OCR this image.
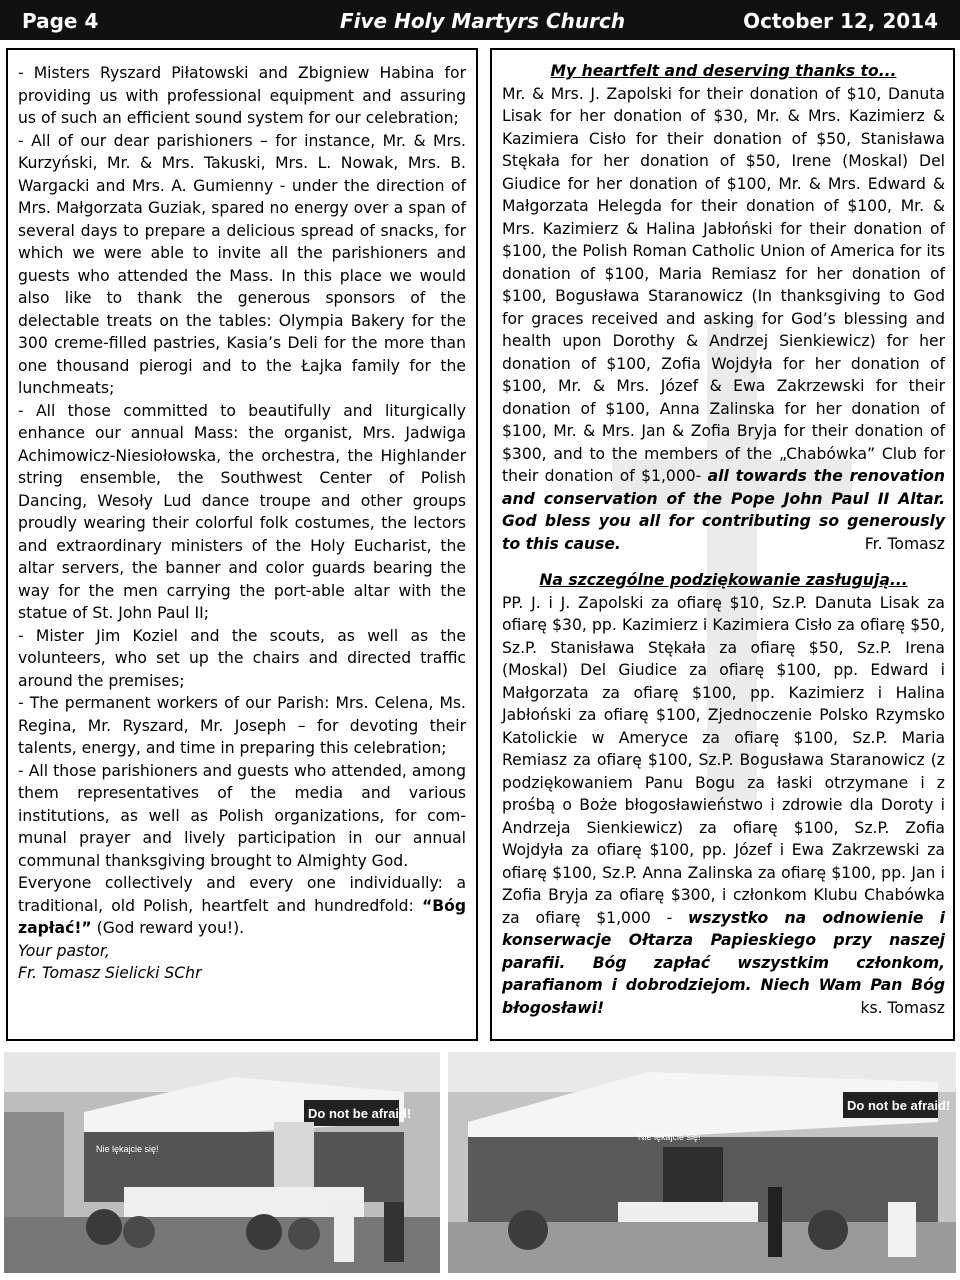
Page 4	Five Holy Martyrs Church	October 12, 2014

- Misters Ryszard Piłatowski and Zbigniew Habina for providing us with professional equipment and assuring us of such an efficient sound system for our celebration;

- All of our dear parishioners – for instance, Mr. & Mrs. Kurzyński, Mr. & Mrs. Takuski, Mrs. L. Nowak, Mrs. B. Wargacki and Mrs. A. Gumienny - under the direction of Mrs. Małgorzata Guziak, spared no energy over a span of several days to prepare a delicious spread of snacks, for which we were able to invite all the parishioners and guests who attended the Mass. In this place we would also like to thank the generous sponsors of the delectable treats on the tables: Olympia Bakery for the 300 creme-filled pastries, Kasia’s Deli for the more than one thousand pierogi and to the Łajka family for the lunchmeats;

- All those committed to beautifully and liturgically enhance our annual Mass: the organist, Mrs. Jadwiga Achimowicz-Niesiołowska, the orchestra, the Highlander string ensemble, the Southwest Center of Polish Dancing, Wesoły Lud dance troupe and other groups proudly wearing their colorful folk costumes, the lectors and extraordinary ministers of the Holy Eucharist, the altar servers, the banner and color guards bearing the way for the men carrying the port-able altar with the statue of St. John Paul II;

- Mister Jim Koziel and the scouts, as well as the volunteers, who set up the chairs and directed traffic around the premises;

- The permanent workers of our Parish: Mrs. Celena, Ms. Regina, Mr. Ryszard, Mr. Joseph – for devoting their talents, energy, and time in preparing this celebration;

- All those parishioners and guests who attended, among them representatives of the media and various institutions, as well as Polish organizations, for com-munal prayer and lively participation in our annual communal thanksgiving brought to Almighty God.

Everyone collectively and every one individually: a traditional, old Polish, heartfelt and hundredfold: “Bóg zapłać!” (God reward you!).

Your pastor,

Fr. Tomasz Sielicki SChr

My heartfelt and deserving thanks to...

Mr. & Mrs. J. Zapolski for their donation of $10, Danuta Lisak for her donation of $30, Mr. & Mrs. Kazimierz & Kazimiera Cisło for their donation of $50, Stanisława Stękała for her donation of $50, Irene (Moskal) Del Giudice for her donation of $100, Mr. & Mrs. Edward & Małgorzata Helegda for their donation of $100, Mr. & Mrs. Kazimierz & Halina Jabłoński for their donation of $100, the Polish Roman Catholic Union of America for its donation of $100, Maria Remiasz for her donation of $100, Bogusława Staranowicz (In thanksgiving to God for graces received and asking for God’s blessing and health upon Dorothy & Andrzej Sienkiewicz) for her donation of $100, Zofia Wojdyła for her donation of $100, Mr. & Mrs. Józef & Ewa Zakrzewski for their donation of $100, Anna Zalinska for her donation of $100, Mr. & Mrs. Jan & Zofia Bryja for their donation of $300, and to the members of the „Chabówka” Club for their donation of $1,000- all towards the renovation and conservation of the Pope John Paul II Altar. God bless you all for contributing so generously to this cause.	Fr. Tomasz

Na szczególne podziękowanie zasługują...

PP. J. i J. Zapolski za ofiarę $10, Sz.P. Danuta Lisak za ofiarę $30, pp. Kazimierz i Kazimiera Cisło za ofiarę $50, Sz.P. Stanisława Stękała za ofiarę $50, Sz.P. Irena (Moskal) Del Giudice za ofiarę $100, pp. Edward i Małgorzata za ofiarę $100, pp. Kazimierz i Halina Jabłoński za ofiarę $100, Zjednoczenie Polsko Rzymsko Katolickie w Ameryce za ofiarę $100, Sz.P. Maria Remiasz za ofiarę $100, Sz.P. Bogusława Staranowicz (z podziękowaniem Panu Bogu za łaski otrzymane i z prośbą o Boże błogosławieństwo i zdrowie dla Doroty i Andrzeja Sienkiewicz) za ofiarę $100, Sz.P. Zofia Wojdyła za ofiarę $100, pp. Józef i Ewa Zakrzewski za ofiarę $100, Sz.P. Anna Zalinska za ofiarę $100, pp. Jan i Zofia Bryja za ofiarę $300, i członkom Klubu Chabówka za ofiarę $1,000 - wszystko na odnowienie i konserwacje Ołtarza Papieskiego przy naszej parafii. Bóg zapłać wszystkim członkom, parafianom i dobrodziejom. Niech Wam Pan Bóg błogosławi!	ks. Tomasz

Do not be afraid!
Nie lękajcie się!
Do not be afraid!
Nie lękajcie się!
